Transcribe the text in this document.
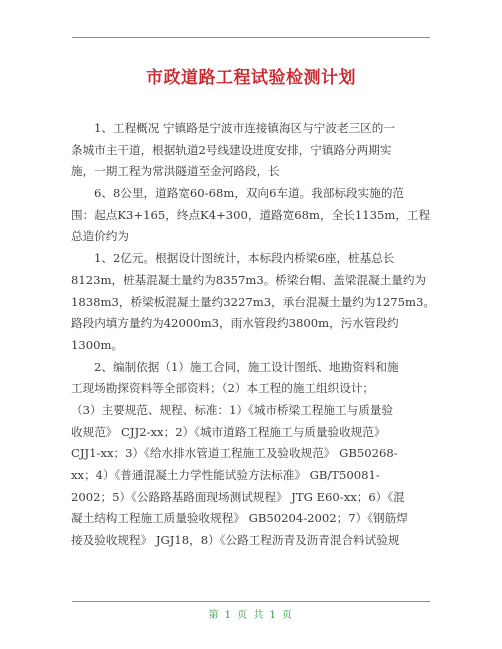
市政道路工程试验检测计划
1、工程概况 宁镇路是宁波市连接镇海区与宁波老三区的一
条城市主干道，根据轨道2号线建设进度安排，宁镇路分两期实
施，一期工程为常洪隧道至金河路段，长
6、8公里，道路宽60-68m，双向6车道。我部标段实施的范
围：起点K3+165，终点K4+300，道路宽68m，全长1135m，工程
总造价约为
1、2亿元。根据设计图统计，本标段内桥梁6座，桩基总长
8123m，桩基混凝土量约为8357m3。桥梁台帽、盖梁混凝土量约为
1838m3，桥梁板混凝土量约3227m3，承台混凝土量约为1275m3。
路段内填方量约为42000m3，雨水管段约3800m，污水管段约
1300m。
2、编制依据（1）施工合同，施工设计图纸、地勘资料和施
工现场勘探资料等全部资料；（2）本工程的施工组织设计；
（3）主要规范、规程、标准：1）《城市桥梁工程施工与质量验
收规范》 CJJ2-xx；2）《城市道路工程施工与质量验收规范》
CJJ1-xx；3）《给水排水管道工程施工及验收规范》 GB50268-
xx；4）《普通混凝土力学性能试验方法标准》 GB/T50081-
2002；5）《公路路基路面现场测试规程》 JTG E60-xx；6）《混
凝土结构工程施工质量验收规程》 GB50204-2002；7）《钢筋焊
接及验收规程》 JGJ18，8）《公路工程沥青及沥青混合料试验规
第 1 页 共 1 页
